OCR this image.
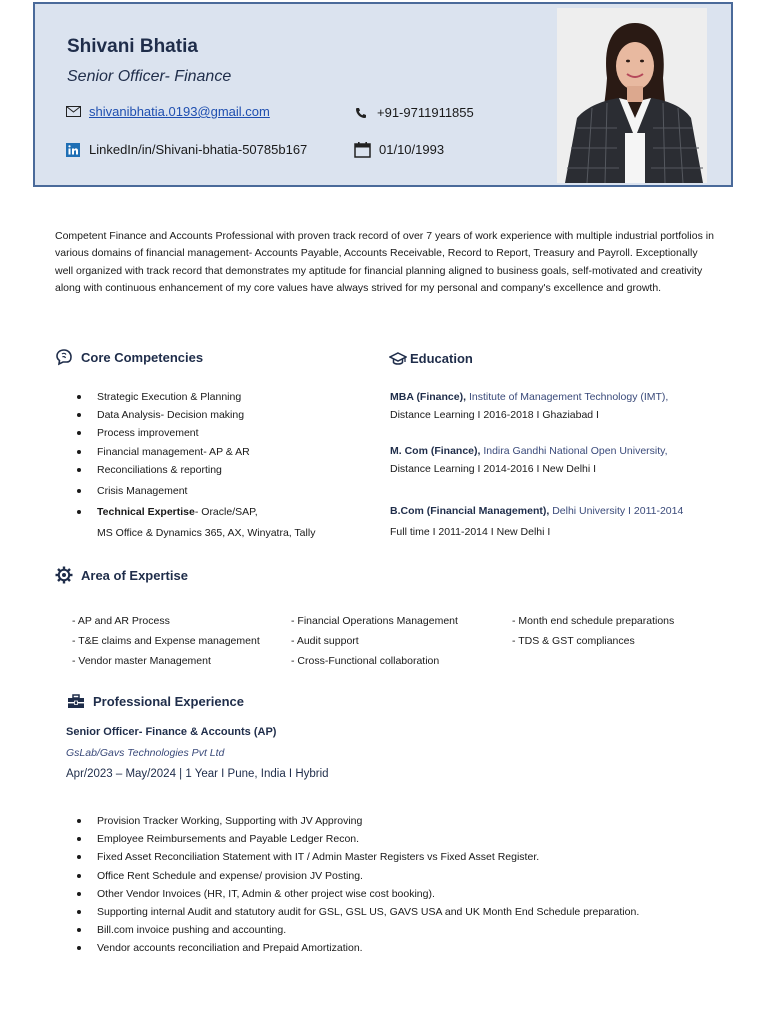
Shivani Bhatia
Senior Officer- Finance
shivanibhatia.0193@gmail.com	+91-9711911855
LinkedIn/in/Shivani-bhatia-50785b167	01/10/1993
Competent Finance and Accounts Professional with proven track record of over 7 years of work experience with multiple industrial portfolios in various domains of financial management- Accounts Payable, Accounts Receivable, Record to Report, Treasury and Payroll. Exceptionally well organized with track record that demonstrates my aptitude for financial planning aligned to business goals, self-motivated and creativity along with continuous enhancement of my core values have always strived for my personal and company's excellence and growth.
Core Competencies
Strategic Execution & Planning
Data Analysis- Decision making
Process improvement
Financial management- AP & AR
Reconciliations & reporting
Crisis Management
Technical Expertise- Oracle/SAP,
MS Office & Dynamics 365, AX, Winyatra, Tally
Education
MBA (Finance), Institute of Management Technology (IMT),
Distance Learning I 2016-2018 I Ghaziabad I
M. Com (Finance), Indira Gandhi National Open University,
Distance Learning I 2014-2016 I New Delhi I
B.Com (Financial Management), Delhi University I 2011-2014
Full time I 2011-2014 I New Delhi I
Area of Expertise
- AP and AR Process
- T&E claims and Expense management
- Vendor master Management
- Financial Operations Management
- Audit support
- Cross-Functional collaboration
- Month end schedule preparations
- TDS & GST compliances
Professional Experience
Senior Officer- Finance & Accounts (AP)
GsLab/Gavs Technologies Pvt Ltd
Apr/2023 – May/2024 | 1 Year I Pune, India I Hybrid
Provision Tracker Working, Supporting with JV Approving
Employee Reimbursements and Payable Ledger Recon.
Fixed Asset Reconciliation Statement with IT / Admin Master Registers vs Fixed Asset Register.
Office Rent Schedule and expense/ provision JV Posting.
Other Vendor Invoices (HR, IT, Admin & other project wise cost booking).
Supporting internal Audit and statutory audit for GSL, GSL US, GAVS USA and UK Month End Schedule preparation.
Bill.com invoice pushing and accounting.
Vendor accounts reconciliation and Prepaid Amortization.
